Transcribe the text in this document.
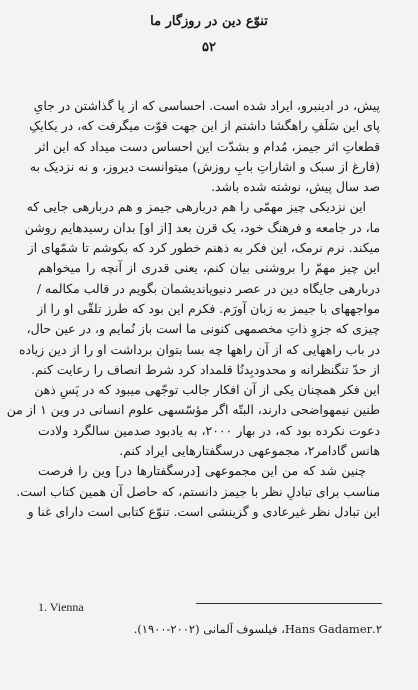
تنوّع دین در روزگار ما
۵۲
پیش، در ادینبرو، ایراد شده است. احساسی که از پا گذاشتن در جایِ
پای این سَلَفِ راهگشا داشتم از این جهت قوّت میگرفت که، در یکایکِ
قطعاتِ اثر جیمز، مُدام و بشدّت این احساس دست میداد که این اثر
(فارغ از سبک و اشاراتِ بابِ روزش) میتوانست دیروز، و نه نزدیک به
صد سال پیش، نوشته شده باشد.
این نزدیکی چیز مهمّی را هم دربارهی جیمز و هم دربارهی جایی که
ما، در جامعه و فرهنگ خود، یک قرن بعد [از او] بدان رسیدهایم روشن
میکند. نرم نرمک، این فکر به ذهنم خطور کرد که بکوشم تا شمّهای از
این چیز مهمّ را بروشنی بیان کنم، یعنی قدری از آنچه را میخواهم
دربارهی جایگاه دین در عصر دنیویاندیشمان بگویم در قالب مکالمه /
مواجههای با جیمز به زبان آورَم. فکرم این بود که طرز تلقّی او را از
چیزی که جزوِ ذاتِ مخصمهی کنونی ما است باز نُمایم و، در عین حال،
در باب راههایی که از آن راهها چه بسا بتوان برداشت او را از دین زیاده
از حدّ تنگنظرانه و محدودبِدنُا قلمداد کرد شرط انصاف را رعایت کنم.
این فکر همچنان یکی از آن افکار جالب توجّهی میبود که در پَسِ ذهن
طنین نیمهواضحی دارند، البتّه اگر مؤسّسهی علوم انسانی در وین ۱ از من
دعوت نکرده بود که، در بهار ۲۰۰۰، به یادبود صدمین سالگرد ولادت
هانس گادامر۲، مجموعهی درسگفتارهایی ایراد کنم.
چنین شد که من این مجموعهی [درسگفتارها در] وین را فرصت
مناسب برای تبادلِ نظر با جیمز دانستم، که حاصل آن همین کتاب است.
این تبادل نظر غیرعادی و گزینشی است. تنوّع کتابی است دارای غنا و
1. Vienna
۲.Hans Gadamer، فیلسوف آلمانی (۲۰۰۲-۱۹۰۰).
